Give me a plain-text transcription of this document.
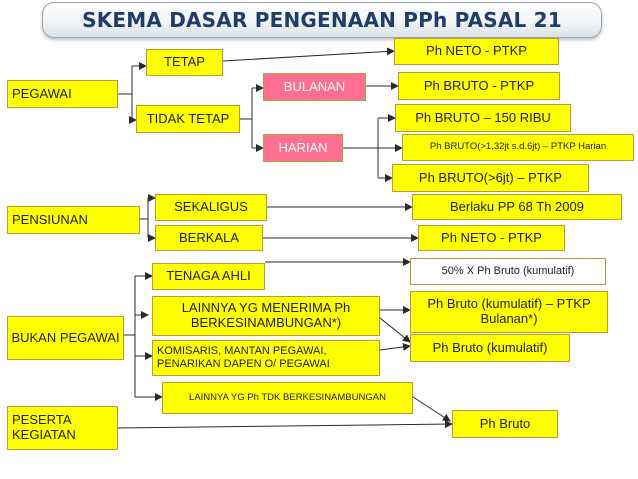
SKEMA DASAR PENGENAAN PPh PASAL 21
PEGAWAI
PENSIUNAN
BUKAN PEGAWAI
PESERTA KEGIATAN
TETAP
TIDAK TETAP
BULANAN
HARIAN
SEKALIGUS
BERKALA
TENAGA AHLI
LAINNYA YG MENERIMA Ph BERKESINAMBUNGAN*)
KOMISARIS, MANTAN PEGAWAI, PENARIKAN DAPEN O/ PEGAWAI
LAINNYA YG Ph TDK BERKESINAMBUNGAN
Ph NETO - PTKP
Ph BRUTO - PTKP
Ph BRUTO – 150 RIBU
Ph BRUTO(>1,32jt s.d.6jt) – PTKP Harian
Ph BRUTO(>6jt) – PTKP
Berlaku PP 68 Th 2009
Ph NETO - PTKP
50% X Ph Bruto (kumulatif)
Ph Bruto (kumulatif) – PTKP Bulanan*)
Ph Bruto (kumulatif)
Ph Bruto
